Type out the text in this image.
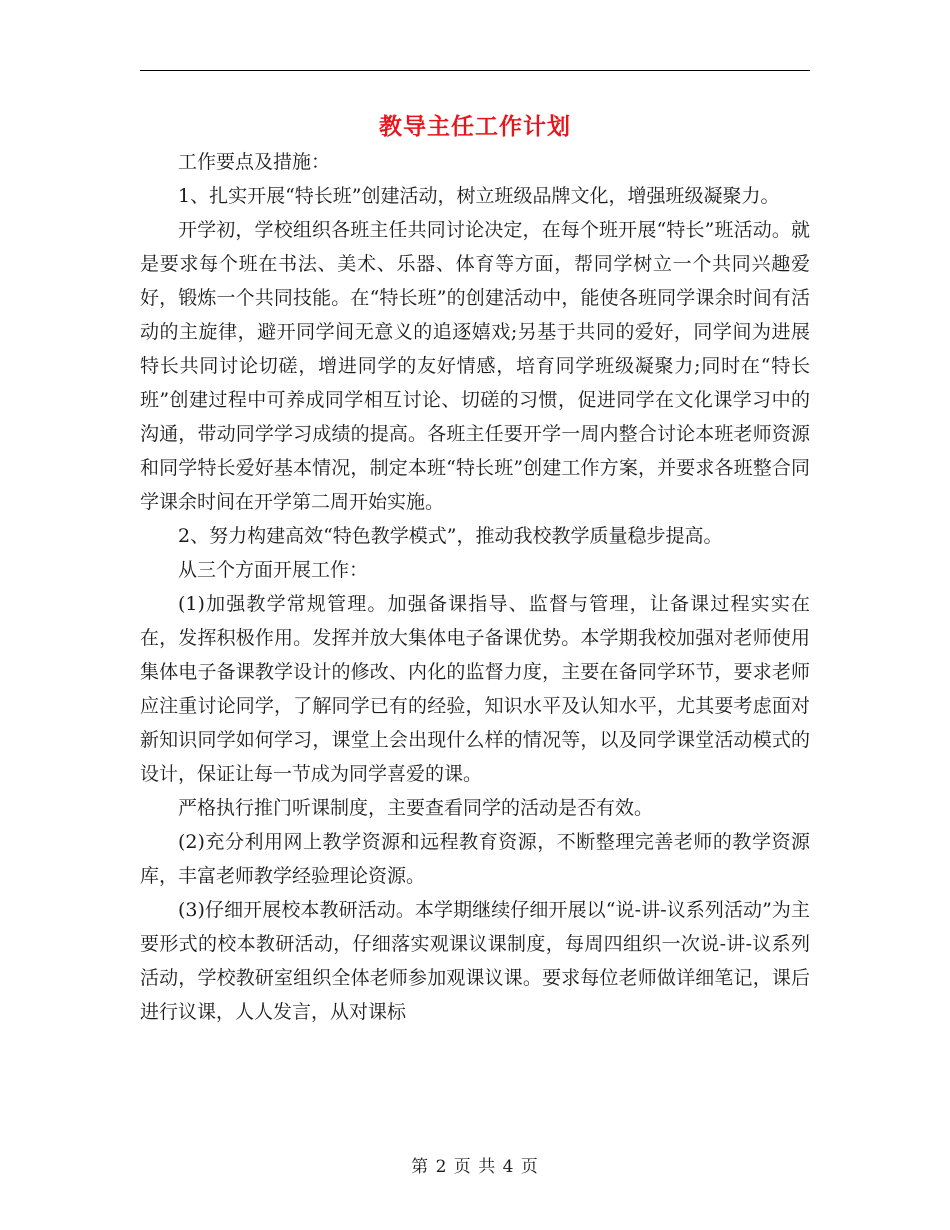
教导主任工作计划

工作要点及措施：

1、扎实开展“特长班”创建活动，树立班级品牌文化，增强班级凝聚力。

开学初，学校组织各班主任共同讨论决定，在每个班开展“特长”班活动。就是要求每个班在书法、美术、乐器、体育等方面，帮同学树立一个共同兴趣爱好，锻炼一个共同技能。在“特长班”的创建活动中，能使各班同学课余时间有活动的主旋律，避开同学间无意义的追逐嬉戏;另基于共同的爱好，同学间为进展特长共同讨论切磋，增进同学的友好情感，培育同学班级凝聚力;同时在“特长班”创建过程中可养成同学相互讨论、切磋的习惯，促进同学在文化课学习中的沟通，带动同学学习成绩的提高。各班主任要开学一周内整合讨论本班老师资源和同学特长爱好基本情况，制定本班“特长班”创建工作方案，并要求各班整合同学课余时间在开学第二周开始实施。

2、努力构建高效“特色教学模式”，推动我校教学质量稳步提高。

从三个方面开展工作：

(1)加强教学常规管理。加强备课指导、监督与管理，让备课过程实实在在，发挥积极作用。发挥并放大集体电子备课优势。本学期我校加强对老师使用集体电子备课教学设计的修改、内化的监督力度，主要在备同学环节，要求老师应注重讨论同学，了解同学已有的经验，知识水平及认知水平，尤其要考虑面对新知识同学如何学习，课堂上会出现什么样的情况等，以及同学课堂活动模式的设计，保证让每一节成为同学喜爱的课。

严格执行推门听课制度，主要查看同学的活动是否有效。

(2)充分利用网上教学资源和远程教育资源，不断整理完善老师的教学资源库，丰富老师教学经验理论资源。

(3)仔细开展校本教研活动。本学期继续仔细开展以“说-讲-议系列活动”为主要形式的校本教研活动，仔细落实观课议课制度，每周四组织一次说-讲-议系列活动，学校教研室组织全体老师参加观课议课。要求每位老师做详细笔记，课后进行议课，人人发言，从对课标

第 2 页 共 4 页
